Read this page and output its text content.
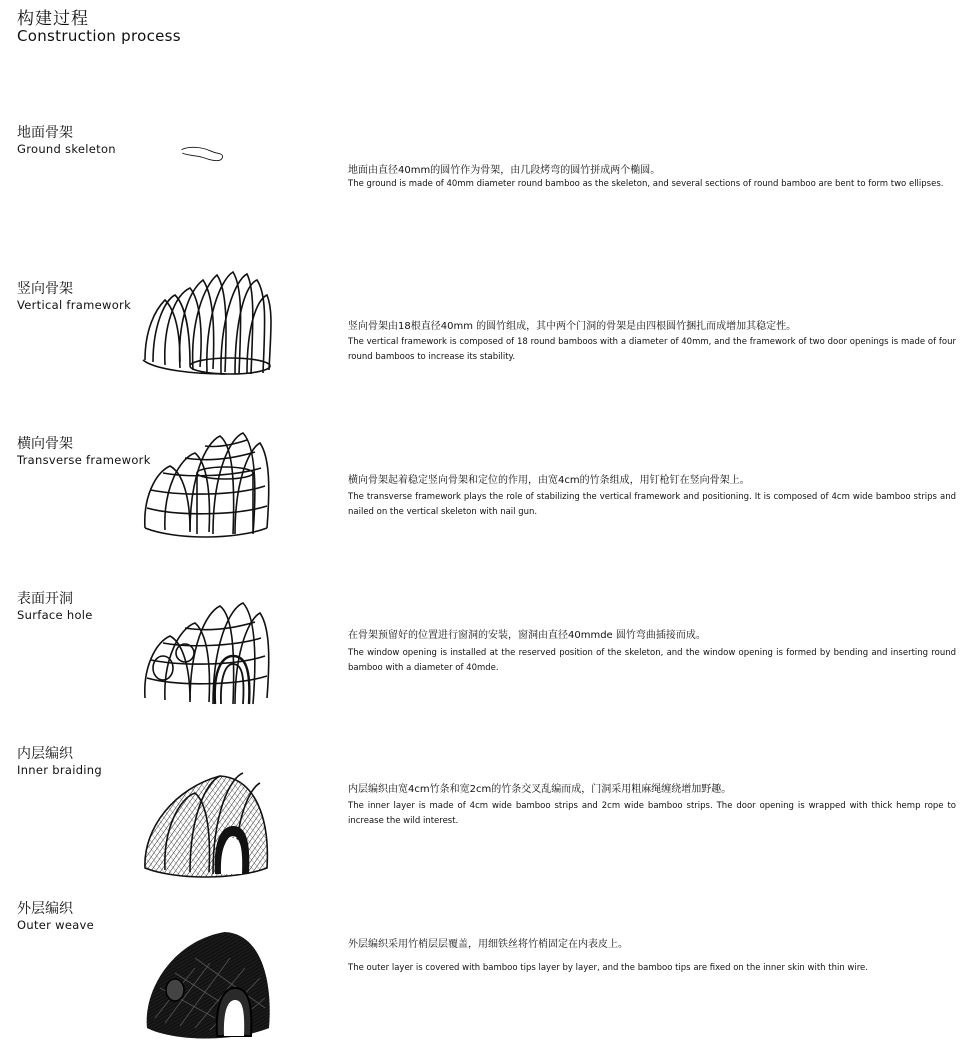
构建过程
Construction process
地面骨架
Ground skeleton
地面由直径40mm的圆竹作为骨架，由几段烤弯的圆竹拼成两个椭圆。
The ground is made of 40mm diameter round bamboo as the skeleton, and several sections of round bamboo are bent to form two ellipses.
竖向骨架
Vertical framework
竖向骨架由18根直径40mm 的圆竹组成，其中两个门洞的骨架是由四根圆竹捆扎而成增加其稳定性。
The vertical framework is composed of 18 round bamboos with a diameter of 40mm, and the framework of two door openings is made of four round bamboos to increase its stability.
横向骨架
Transverse framework
横向骨架起着稳定竖向骨架和定位的作用，由宽4cm的竹条组成，用钉枪钉在竖向骨架上。
The transverse framework plays the role of stabilizing the vertical framework and positioning. It is composed of 4cm wide bamboo strips and nailed on the vertical skeleton with nail gun.
表面开洞
Surface hole
在骨架预留好的位置进行窗洞的安装，窗洞由直径40mmde 圆竹弯曲插接而成。
The window opening is installed at the reserved position of the skeleton, and the window opening is formed by bending and inserting round bamboo with a diameter of 40mde.
内层编织
Inner braiding
内层编织由宽4cm竹条和宽2cm的竹条交叉乱编而成，门洞采用粗麻绳缠绕增加野趣。
The inner layer is made of 4cm wide bamboo strips and 2cm wide bamboo strips. The door opening is wrapped with thick hemp rope to increase the wild interest.
外层编织
Outer weave
外层编织采用竹梢层层覆盖，用细铁丝将竹梢固定在内表皮上。
The outer layer is covered with bamboo tips layer by layer, and the bamboo tips are fixed on the inner skin with thin wire.
